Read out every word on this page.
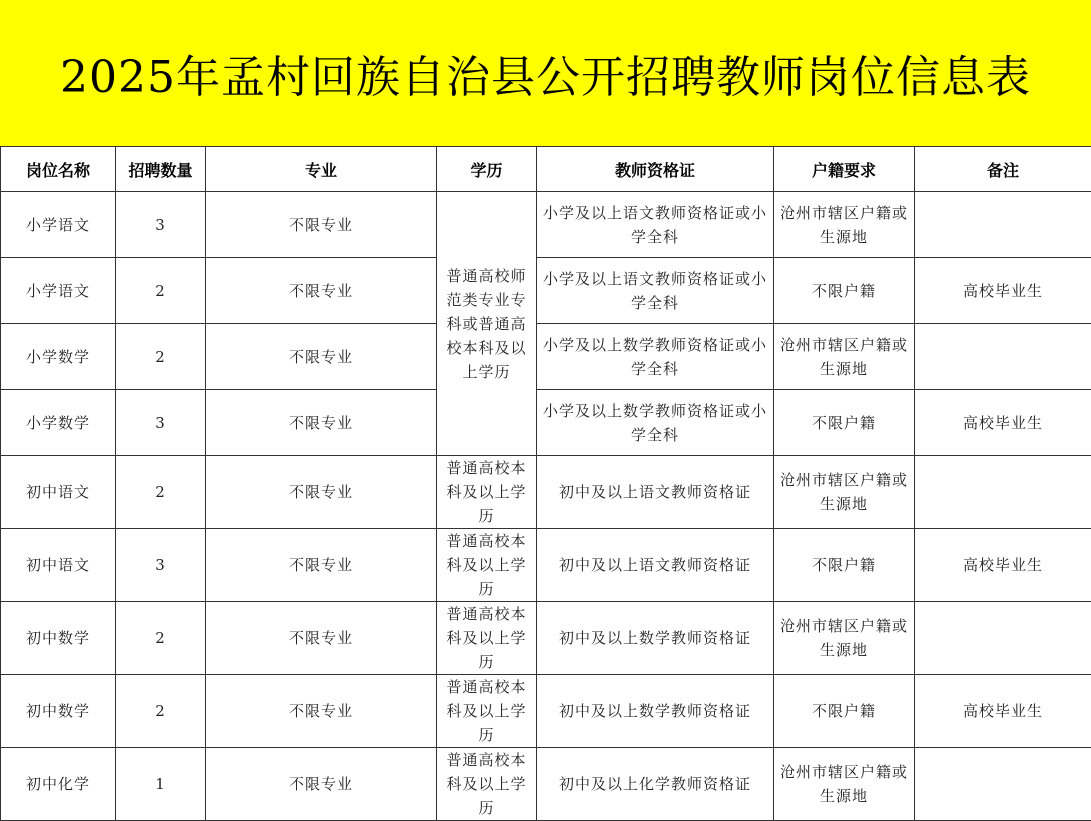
2025年孟村回族自治县公开招聘教师岗位信息表
岗位名称	招聘数量	专业	学历	教师资格证	户籍要求	备注
小学语文	3	不限专业	普通高校师范类专业专科或普通高校本科及以上学历	小学及以上语文教师资格证或小学全科	沧州市辖区户籍或生源地	
小学语文	2	不限专业		小学及以上语文教师资格证或小学全科	不限户籍	高校毕业生
小学数学	2	不限专业		小学及以上数学教师资格证或小学全科	沧州市辖区户籍或生源地	
小学数学	3	不限专业		小学及以上数学教师资格证或小学全科	不限户籍	高校毕业生
初中语文	2	不限专业	普通高校本科及以上学历	初中及以上语文教师资格证	沧州市辖区户籍或生源地	
初中语文	3	不限专业	普通高校本科及以上学历	初中及以上语文教师资格证	不限户籍	高校毕业生
初中数学	2	不限专业	普通高校本科及以上学历	初中及以上数学教师资格证	沧州市辖区户籍或生源地	
初中数学	2	不限专业	普通高校本科及以上学历	初中及以上数学教师资格证	不限户籍	高校毕业生
初中化学	1	不限专业	普通高校本科及以上学历	初中及以上化学教师资格证	沧州市辖区户籍或生源地	
